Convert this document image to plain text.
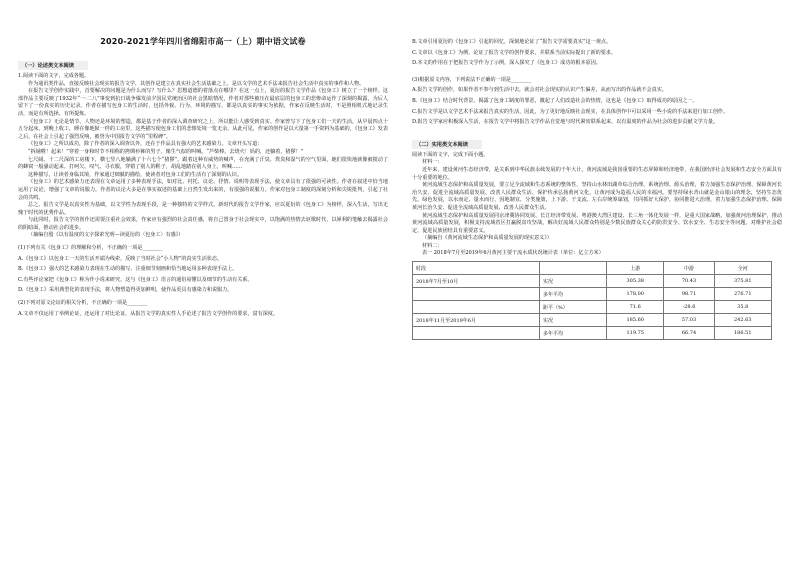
2020-2021学年四川省绵阳市高一（上）期中语文试卷
（一）论述类文本阅读

1.阅读下面的文字，完成各题。

作为通讯类作品，直接反映社会现实的报告文学，其创作是建立在真实社会生活基础之上，是以文学的艺术手法来报告社会生活中真实的事件和人物。

在报告文学创作实践中，首要解决的问题是为什么而写？写什么？思想道德的着落点在哪里？在这一点上，夏衍的报告文学作品《包身工》树立了一个榜样。这部作品主要反映了1932年“一·二八”事变到抗日战争爆发前夕国民党统治区的社会黑暗情况，作者对那些被压在最底层的包身工的悲惨命运作了深刻的揭露，为后人留下了一份真实的历史记录。作者在描写包身工的生活时，包括外貌、行为、环境的描写，都是以真实的事实为依据，作家在反映生活时，不是照相机式地记录生活，而是有所选择、有所提炼。

《包身工》无论是情节、人物还是环境的塑造，都是基于作者的深入调查研究之上，所以能让人感受到真实。作家曾写下了包身工们一天的生活，从早晨四点十五分起床，到晚上收工，睡在像地狱一样的工房里，这些描写使包身工们的悲惨处境一览无余。从此可见，作家的创作是以大量第一手资料为基础的，《包身工》发表之后，在社会上引起了强烈反响，被誉为中国报告文学的“里程碑”。

《包身工》之所以成功，除了作者的深入调查以外，还在于作品具有强大的艺术感染力。文章开头写道：

“拆铺啦！起来！”穿着一身和时节不相称的拷绸衫裤的男子，像生气似的叫喊。“芦柴棒，去烧火！妈的，还躺着，猪猡！”

七尺阔、十二尺深的工房楼下，横七竖八地躺满了十六七个“猪猡”。跟着这种有威势的喊声，在充满了汗臭、粪臭和湿气的空气里面，她们很快地就像被搅动了的蜂窝一般骚动起来。打呵欠、叹气、寻衣服，穿错了别人的鞋子，胡乱地踏在别人身上，叫喊……

这种描写，让读者身临其境，作家通过细腻的描绘，使读者对包身工们的生活有了深刻的认识。

《包身工》的艺术感染力还表现在文章运用了多种表现手法，如对比、衬托、议论、抒情、说明等表现手法，使文章具有了很强的可读性。作者在叙述中恰当地运用了议论，增强了文章的说服力。作者的议论大多是在事实叙述的基础上自然生发出来的，有很强的说服力。作家对包身工制度的深刻分析和尖锐批判，引起了社会的共鸣。

总之，报告文学是以真实性为基础，以文学性为表现手段，是一种独特的文学样式。新时代的报告文学作家，应以夏衍的《包身工》为榜样，深入生活，写出无愧于时代的优秀作品。

与此同时，报告文学的创作还需要注重社会效果，作家应有强烈的社会责任感，将自己置身于社会现实中，以饱满的热情去讴歌时代，以犀利的笔触去揭露社会的阴暗面，推动社会的进步。

（摘编自殷《以有温度的文字探索光明—读夏衍的〈包身工〉有感》）

(1)下列有关《包身工》的理解和分析，不正确的一项是________

A.《包身工》以包身工一天的生活开端为线索，反映了当时社会“小人物”的真实生活状态。

B.《包身工》强大的艺术感染力表现在生动的描写、注重细节刻画和恰当地运用多种表现手法上。

C.有些评论家把《包身工》称为作小说来研究，这与《包身工》语言的通俗易懂以及细节的生动有关系。

D.《包身工》采用典型化的表现手法，将人物塑造得更加鲜明，使作品更具有感染力和说服力。

(2)下列对原文论证的相关分析，不正确的一项是________

A.文章不仅运用了举例论证，还运用了对比论证，从报告文学的真实性人手论述了报告文学创作的要求，富有深度。

B.文章引用夏衍的《包身工》引起的回忆，深刻地论证了“报告文学需要真实”这一观点。

C.文章以《包身工》为例，论证了报告文学的创作要求，并联系当前实际提出了新的要求。

D.本文的作用在于把报告文学作为了示例，深入探究了《包身工》成功的根本原因。

(3)根据原文内容，下列说法不正确的一项是________

A.报告文学的创作，如果作者不参与到生活中去，就会对社会现实的认识产生偏差，从而写出的作品就不会真实。

B.《包身工》结合时代背景，揭露了包身工制度的罪恶，激起了人们改造社会的热情，这也是《包身工》取得成功的原因之一。

C.报告文学是以文学艺术手法来报告真实的生活，因此，为了更好地反映社会现实，在具体创作中可以采用一些小说的手法来进行加工创作。

D.报告文学家应积极深入生活，在报告文学中将报告文学作品自觉地与时代紧密联系起来，以有温度的作品为社会的进步贡献文学力量。

（二）实用类文本阅读

阅读下面的文字，完成下面小题。

材料一：

近年来，建设黄河生态经济带，是关系到中华民族永续发展的千年大计。黄河流域是我国重要的生态屏障和经济地带，在我国经济社会发展和生态安全方面具有十分重要的地位。

黄河流域生态保护和高质量发展，要立足全流域和生态系统的整体性，坚持山水林田湖草综合治理、系统治理、源头治理，着力加强生态保护治理、保障黄河长治久安、促进全流域高质量发展、改善人民群众生活、保护传承弘扬黄河文化，让黄河成为造福人民的幸福河。要坚持绿水青山就是金山银山的理念，坚持生态优先、绿色发展，以水而定、量水而行，因地制宜、分类施策，上下游、干支流、左右岸统筹谋划，共同抓好大保护，协同推进大治理，着力加强生态保护治理、保障黄河长治久安、促进全流域高质量发展、改善人民群众生活。

黄河流域生态保护和高质量发展同京津冀协同发展、长江经济带发展、粤港澳大湾区建设、长三角一体化发展一样，是重大国家战略。加强黄河治理保护，推动黄河流域高质量发展，积极支持流域省区打赢脱贫攻坚战，解决好流域人民群众特别是少数民族群众关心的防洪安全、饮水安全、生态安全等问题，对维护社会稳定、促进民族团结具有重要意义。

（摘编自《黄河流域生态保护和高质量发展的现实意义》）

材料二：

表一 2018年7月至2019年6月黄河主要干流水质状况统计表（单位：亿立方米）

时段		上游	中游	全河
2018年7月至10月	实况	305.38	70.43	375.81
	多年平均	178.00	98.71	276.71
	距平（%）	71.6	-28.6	35.8
2018年11月至2019年6月	实况	185.60	57.03	242.63
	多年平均	119.75	66.74	186.51
